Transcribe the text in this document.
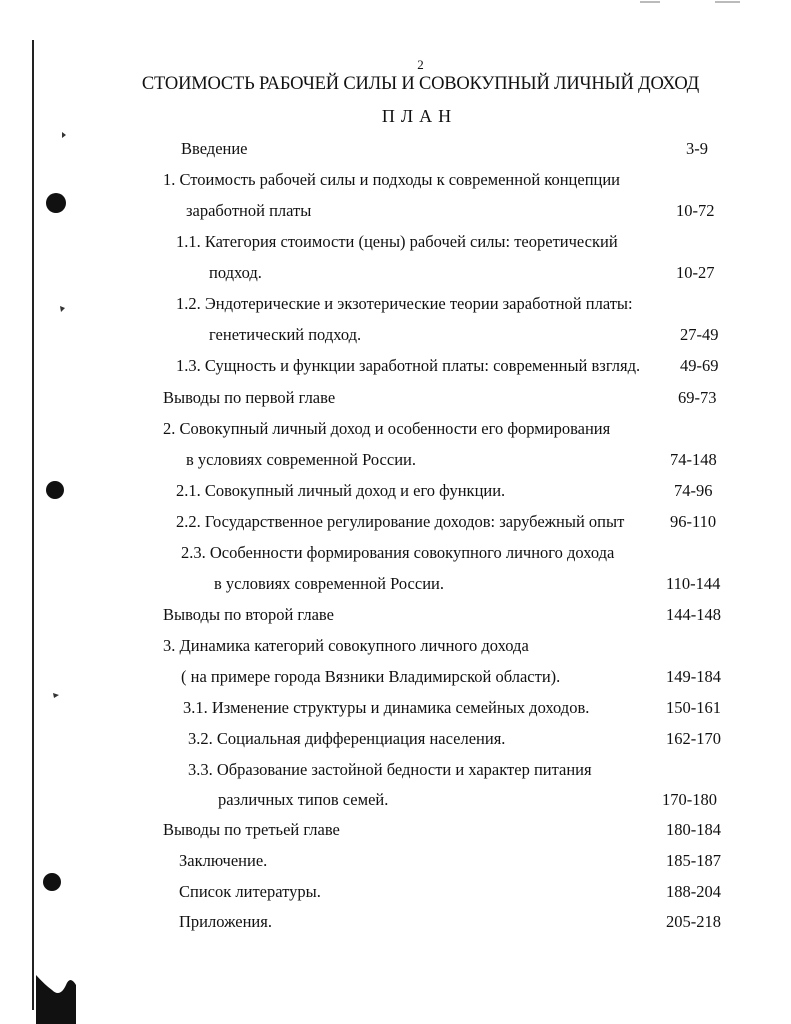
2
СТОИМОСТЬ РАБОЧЕЙ СИЛЫ И СОВОКУПНЫЙ ЛИЧНЫЙ ДОХОД
ПЛАН
Введение	3-9
1. Стоимость рабочей силы и подходы к современной концепции
заработной платы	10-72
1.1. Категория стоимости (цены) рабочей силы: теоретический
подход.	10-27
1.2. Эндотерические и экзотерические теории заработной платы:
генетический подход.	27-49
1.3. Сущность и функции заработной платы: современный взгляд. 49-69
Выводы по первой главе	69-73
2. Совокупный личный доход и особенности его формирования
в условиях современной России.	74-148
2.1. Совокупный личный доход и его функции.	74-96
2.2. Государственное регулирование доходов: зарубежный опыт	96-110
2.3. Особенности формирования совокупного личного дохода
в условиях современной России.	110-144
Выводы по второй главе	144-148
3. Динамика категорий совокупного личного дохода
( на примере города Вязники Владимирской области).	149-184
3.1. Изменение структуры и динамика семейных доходов.	150-161
3.2. Социальная дифференциация населения.	162-170
3.3. Образование застойной бедности и характер питания
различных типов семей.	170-180
Выводы по третьей главе	180-184
Заключение.	185-187
Список литературы.	188-204
Приложения.	205-218
